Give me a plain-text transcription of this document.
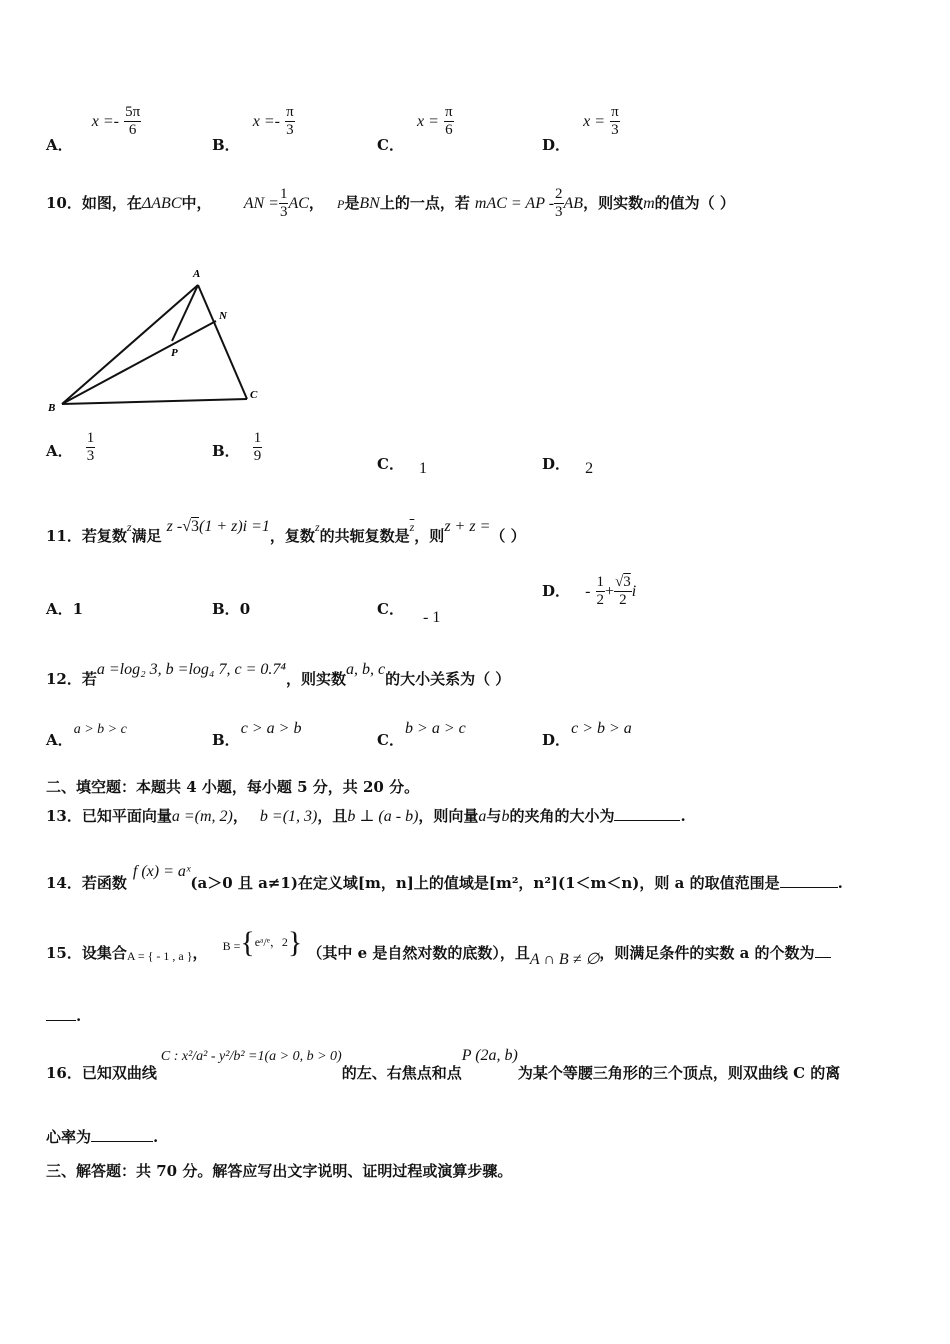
A． $x =- \frac{5\pi}{6}$
B． $x =- \frac{\pi}{3}$
C． $x = \frac{\pi}{6}$
D． $x = \frac{\pi}{3}$
10．如图，在ΔABC中， AN = $\frac{1}{3}$ AC， P是BN上的一点，若 mAC = AP - $\frac{2}{3}$ AB，则实数m的值为（ ）
A
N
P
B
C
A． $\frac{1}{3}$	B． $\frac{1}{9}$	C． 1	D． 2
11．若复数z满足 z -√3(1 + z)i =1，复数z的共轭复数是$\overline{z}$，则z + z =（ ）
A．1	B．0	C． - 1
D． - $\frac{1}{2} + \frac{√3}{2}$ i
12．若a =log₂ 3, b =log₄ 7, c = 0.7⁴，则实数a, b, c的大小关系为（ ）
A． a > b > c
B． c > a > b
C． b > a > c
D． c > b > a
二、填空题：本题共 4 小题，每小题 5 分，共 20 分。
13．已知平面向量a =(m, 2)， b =(1, 3)，且b ⊥ (a - b)，则向量a与b的夹角的大小为	.
14．若函数f (x) = aˣ(a＞0 且 a≠1)在定义域[m，n]上的值域是[m²，n²](1＜m＜n)，则 a 的取值范围是	.
15．设集合$_{A = \{ - 1 , a \}}$， $_{B =}${eᵃ/ᵉ，2} （其中 e 是自然对数的底数），且A ∩ B ≠ ∅，则满足条件的实数 a 的个数为
.
16．已知双曲线C : x²/a² - y²/b² =1(a > 0, b > 0)的左、右焦点和点P (2a, b)为某个等腰三角形的三个顶点，则双曲线 C 的离
心率为	.
三、解答题：共 70 分。解答应写出文字说明、证明过程或演算步骤。
